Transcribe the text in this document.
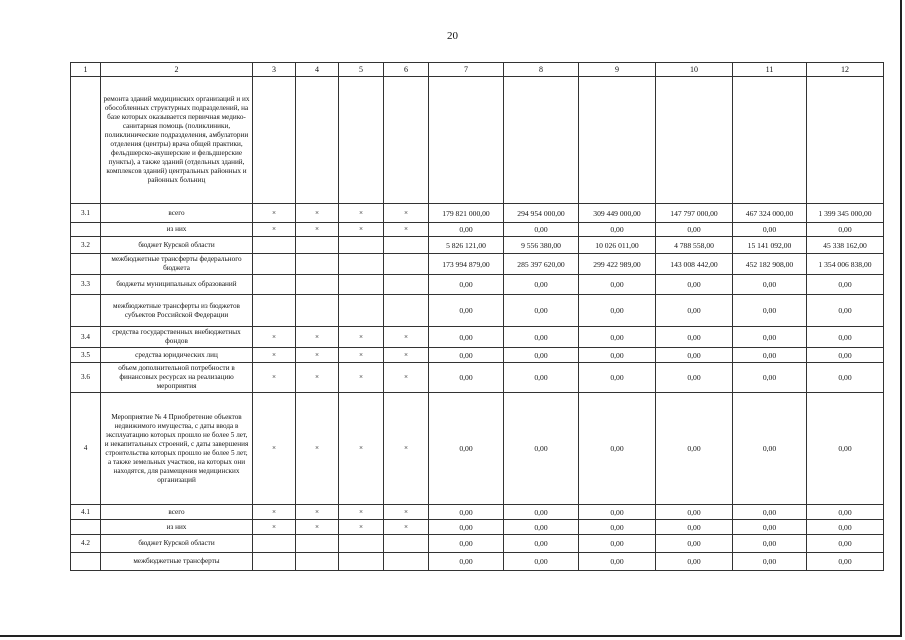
20
1	2	3	4	5	6	7	8	9	10	11	12
	ремонта зданий медицинских организаций и их обособленных структурных подразделений, на базе которых оказывается первичная медико-санитарная помощь (поликлиники, поликлинические подразделения, амбулатории отделения (центры) врача общей практики, фельдшерско-акушерские и фельдшерские пункты), а также зданий (отдельных зданий, комплексов зданий) центральных районных и районных больниц										
3.1	всего	×	×	×	×	179 821 000,00	294 954 000,00	309 449 000,00	147 797 000,00	467 324 000,00	1 399 345 000,00
	из них	×	×	×	×	0,00	0,00	0,00	0,00	0,00	0,00
3.2	бюджет Курской области					5 826 121,00	9 556 380,00	10 026 011,00	4 788 558,00	15 141 092,00	45 338 162,00
	межбюджетные трансферты федерального бюджета					173 994 879,00	285 397 620,00	299 422 989,00	143 008 442,00	452 182 908,00	1 354 006 838,00
3.3	бюджеты муниципальных образований					0,00	0,00	0,00	0,00	0,00	0,00
	межбюджетные трансферты из бюджетов субъектов Российской Федерации					0,00	0,00	0,00	0,00	0,00	0,00
3.4	средства государственных внебюджетных фондов	×	×	×	×	0,00	0,00	0,00	0,00	0,00	0,00
3.5	средства юридических лиц	×	×	×	×	0,00	0,00	0,00	0,00	0,00	0,00
3.6	объем дополнительной потребности в финансовых ресурсах на реализацию мероприятия	×	×	×	×	0,00	0,00	0,00	0,00	0,00	0,00
4	Мероприятие № 4 Приобретение объектов недвижимого имущества, с даты ввода в эксплуатацию которых прошло не более 5 лет, и некапитальных строений, с даты завершения строительства которых прошло не более 5 лет, а также земельных участков, на которых они находятся, для размещения медицинских организаций	×	×	×	×	0,00	0,00	0,00	0,00	0,00	0,00
4.1	всего	×	×	×	×	0,00	0,00	0,00	0,00	0,00	0,00
	из них	×	×	×	×	0,00	0,00	0,00	0,00	0,00	0,00
4.2	бюджет Курской области					0,00	0,00	0,00	0,00	0,00	0,00
	межбюджетные трансферты					0,00	0,00	0,00	0,00	0,00	0,00
